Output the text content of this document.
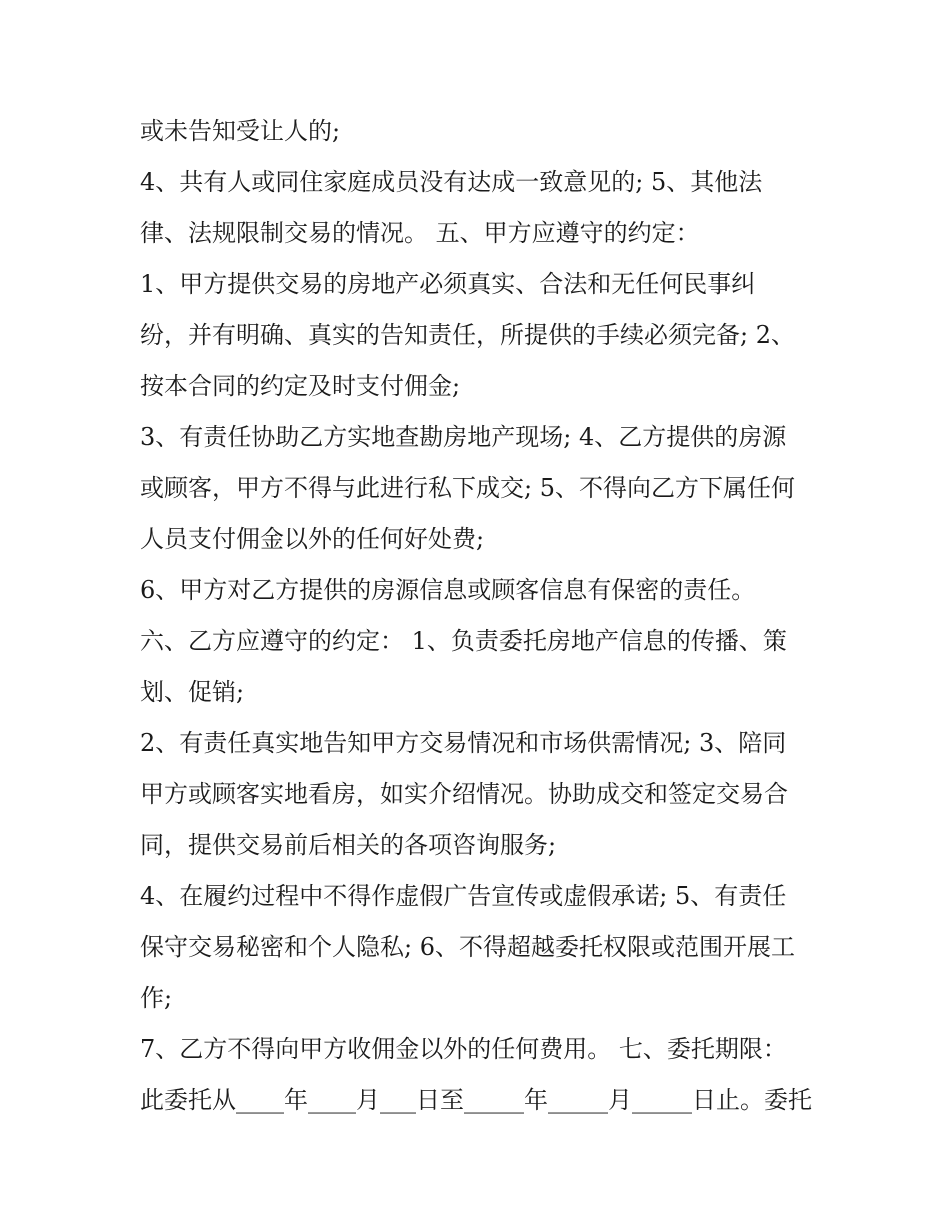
或未告知受让人的;
4、共有人或同住家庭成员没有达成一致意见的; 5、其他法
律、法规限制交易的情况。 五、甲方应遵守的约定：
1、甲方提供交易的房地产必须真实、合法和无任何民事纠
纷，并有明确、真实的告知责任，所提供的手续必须完备; 2、
按本合同的约定及时支付佣金;
3、有责任协助乙方实地查勘房地产现场; 4、乙方提供的房源
或顾客，甲方不得与此进行私下成交; 5、不得向乙方下属任何
人员支付佣金以外的任何好处费;
6、甲方对乙方提供的房源信息或顾客信息有保密的责任。
六、乙方应遵守的约定： 1、负责委托房地产信息的传播、策
划、促销;
2、有责任真实地告知甲方交易情况和市场供需情况; 3、陪同
甲方或顾客实地看房，如实介绍情况。协助成交和签定交易合
同，提供交易前后相关的各项咨询服务;
4、在履约过程中不得作虚假广告宣传或虚假承诺; 5、有责任
保守交易秘密和个人隐私; 6、不得超越委托权限或范围开展工
作;
7、乙方不得向甲方收佣金以外的任何费用。 七、委托期限：
此委托从____年____月___日至_____年_____月_____日止。委托
